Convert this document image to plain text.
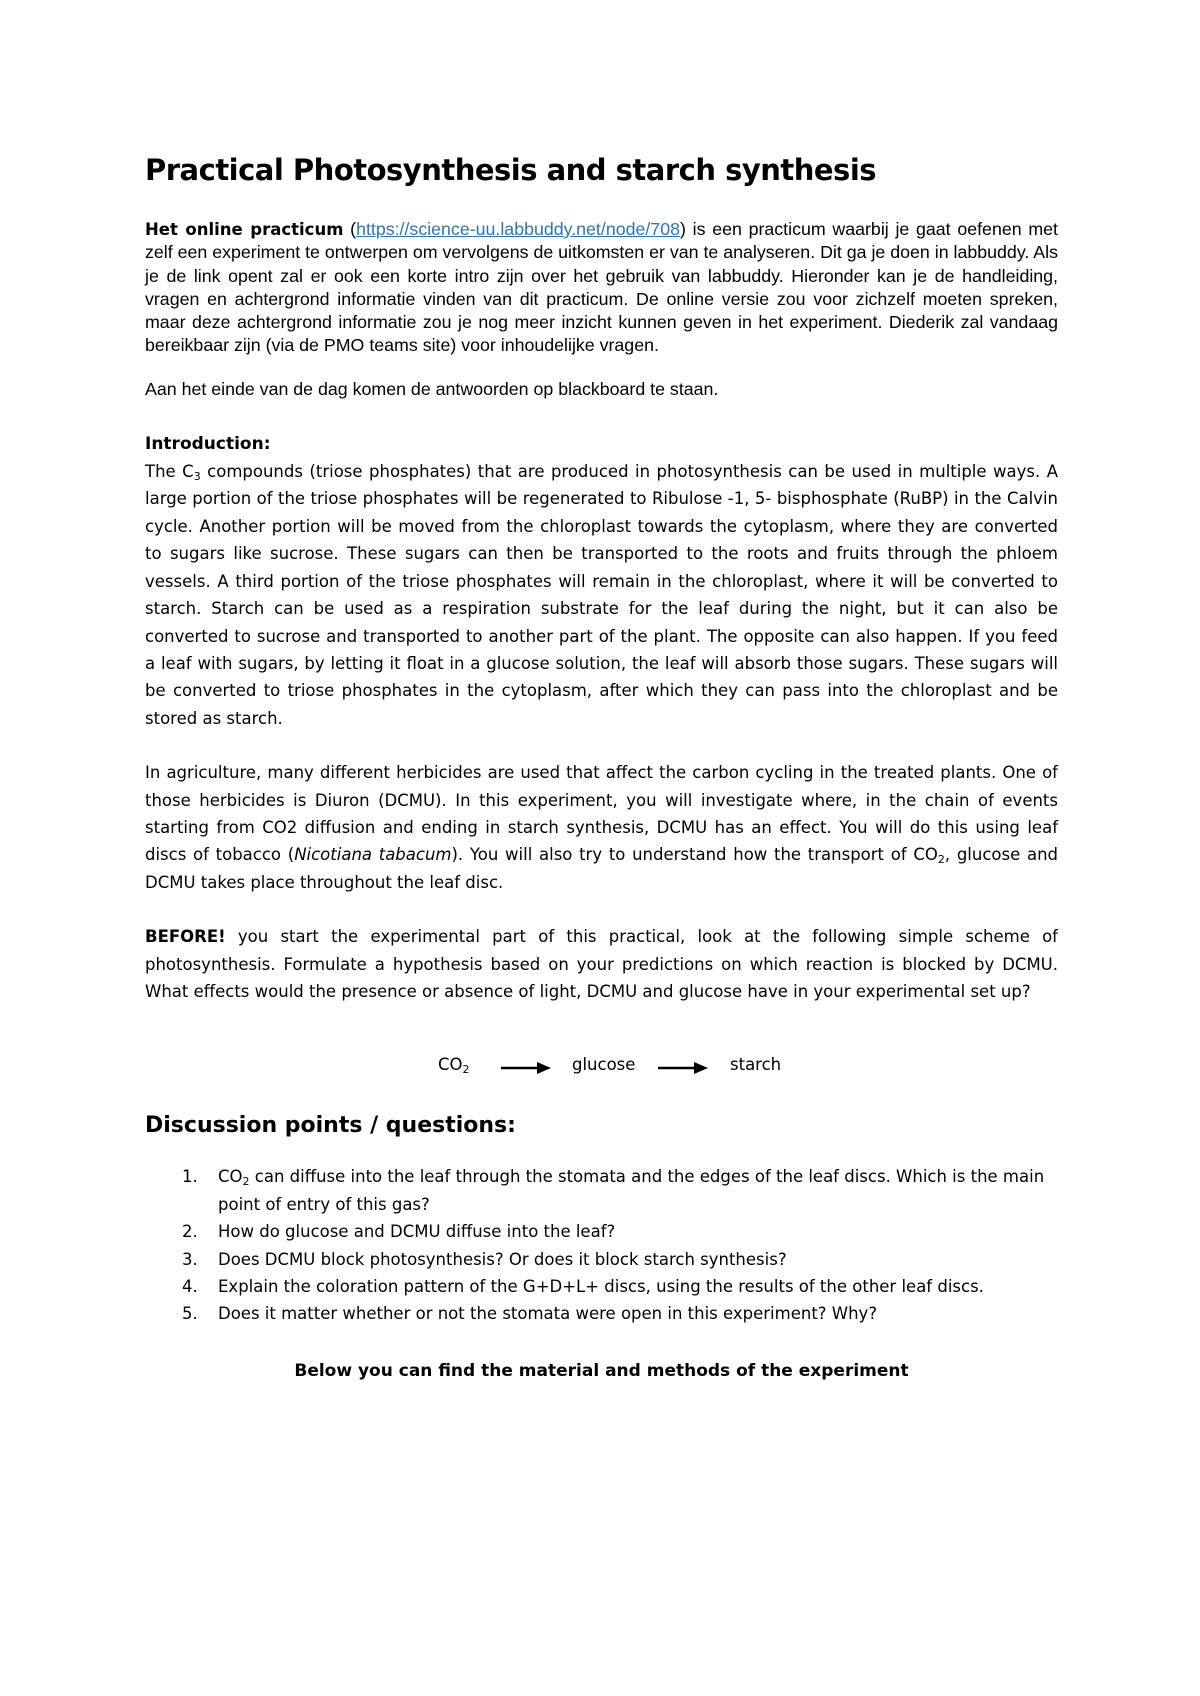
Practical Photosynthesis and starch synthesis

Het online practicum (https://science-uu.labbuddy.net/node/708) is een practicum waarbij je gaat oefenen met zelf een experiment te ontwerpen om vervolgens de uitkomsten er van te analyseren. Dit ga je doen in labbuddy. Als je de link opent zal er ook een korte intro zijn over het gebruik van labbuddy. Hieronder kan je de handleiding, vragen en achtergrond informatie vinden van dit practicum. De online versie zou voor zichzelf moeten spreken, maar deze achtergrond informatie zou je nog meer inzicht kunnen geven in het experiment. Diederik zal vandaag bereikbaar zijn (via de PMO teams site) voor inhoudelijke vragen.

Aan het einde van de dag komen de antwoorden op blackboard te staan.

Introduction:

The $C_3$ compounds (triose phosphates) that are produced in photosynthesis can be used in multiple ways. A large portion of the triose phosphates will be regenerated to Ribulose -1, 5- bisphosphate (RuBP) in the Calvin cycle. Another portion will be moved from the chloroplast towards the cytoplasm, where they are converted to sugars like sucrose. These sugars can then be transported to the roots and fruits through the phloem vessels. A third portion of the triose phosphates will remain in the chloroplast, where it will be converted to starch. Starch can be used as a respiration substrate for the leaf during the night, but it can also be converted to sucrose and transported to another part of the plant. The opposite can also happen. If you feed a leaf with sugars, by letting it float in a glucose solution, the leaf will absorb those sugars. These sugars will be converted to triose phosphates in the cytoplasm, after which they can pass into the chloroplast and be stored as starch.

In agriculture, many different herbicides are used that affect the carbon cycling in the treated plants. One of those herbicides is Diuron (DCMU). In this experiment, you will investigate where, in the chain of events starting from CO2 diffusion and ending in starch synthesis, DCMU has an effect. You will do this using leaf discs of tobacco (Nicotiana tabacum). You will also try to understand how the transport of $CO_2$, glucose and DCMU takes place throughout the leaf disc.

BEFORE! you start the experimental part of this practical, look at the following simple scheme of photosynthesis. Formulate a hypothesis based on your predictions on which reaction is blocked by DCMU. What effects would the presence or absence of light, DCMU and glucose have in your experimental set up?

$CO_2$	glucose	starch
Discussion points / questions:
1. $CO_2$ can diffuse into the leaf through the stomata and the edges of the leaf discs. Which is the main point of entry of this gas?
2. How do glucose and DCMU diffuse into the leaf?
3. Does DCMU block photosynthesis? Or does it block starch synthesis?
4. Explain the coloration pattern of the G+D+L+ discs, using the results of the other leaf discs.
5. Does it matter whether or not the stomata were open in this experiment? Why?

Below you can find the material and methods of the experiment
